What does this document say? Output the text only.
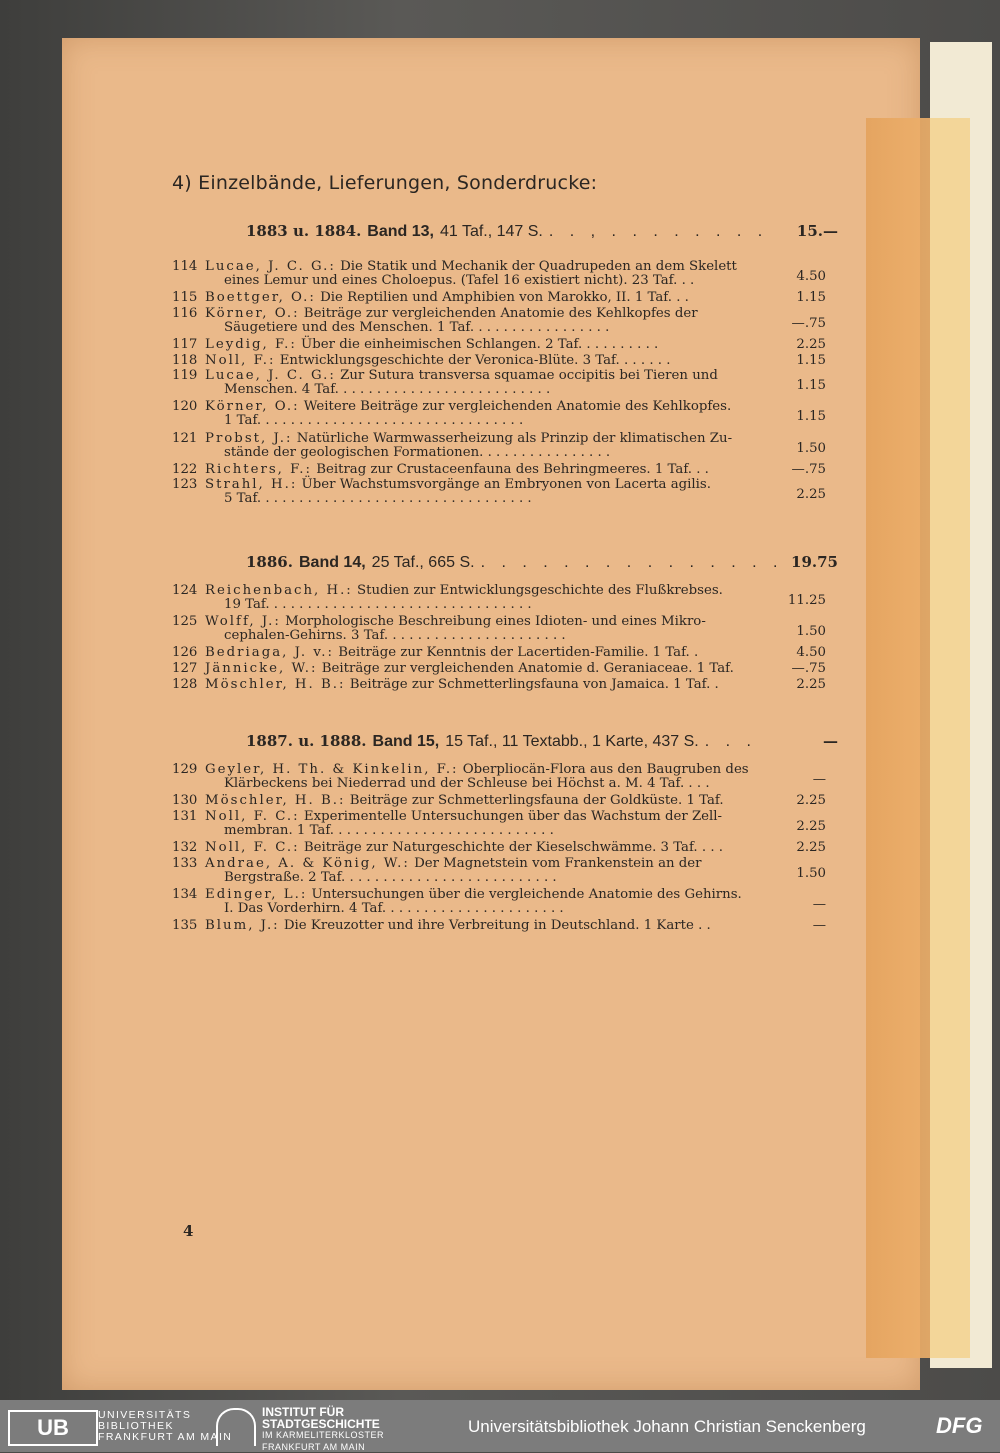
4) Einzelbände, Lieferungen, Sonderdrucke:
1883 u. 1884. Band 13, 41 Taf., 147 S. . . , . . . . . . . .	15.—
114 Lucae, J. C. G.: Die Statik und Mechanik der Quadrupeden an dem Skelett
eines Lemur und eines Choloepus. (Tafel 16 existiert nicht). 23 Taf. . .	4.50
115 Boettger, O.: Die Reptilien und Amphibien von Marokko, II. 1 Taf. . .	1.15
116 Körner, O.: Beiträge zur vergleichenden Anatomie des Kehlkopfes der
Säugetiere und des Menschen. 1 Taf. . . . . . . . . . . . . . . . .	—.75
117 Leydig, F.: Über die einheimischen Schlangen. 2 Taf. . . . . . . . . .	2.25
118 Noll, F.: Entwicklungsgeschichte der Veronica-Blüte. 3 Taf. . . . . . .	1.15
119 Lucae, J. C. G.: Zur Sutura transversa squamae occipitis bei Tieren und
Menschen. 4 Taf. . . . . . . . . . . . . . . . . . . . . . . . . .	1.15
120 Körner, O.: Weitere Beiträge zur vergleichenden Anatomie des Kehlkopfes.
1 Taf. . . . . . . . . . . . . . . . . . . . . . . . . . . . . . . .	1.15
121 Probst, J.: Natürliche Warmwasserheizung als Prinzip der klimatischen Zu-
stände der geologischen Formationen. . . . . . . . . . . . . . . .	1.50
122 Richters, F.: Beitrag zur Crustaceenfauna des Behringmeeres. 1 Taf. . .	—.75
123 Strahl, H.: Über Wachstumsvorgänge an Embryonen von Lacerta agilis.
5 Taf. . . . . . . . . . . . . . . . . . . . . . . . . . . . . . . . .	2.25
1886. Band 14, 25 Taf., 665 S. . . . . . . . . . . . . . . . 19.75
124 Reichenbach, H.: Studien zur Entwicklungsgeschichte des Flußkrebses.
19 Taf. . . . . . . . . . . . . . . . . . . . . . . . . . . . . . . .	11.25
125 Wolff, J.: Morphologische Beschreibung eines Idioten- und eines Mikro-
cephalen-Gehirns. 3 Taf. . . . . . . . . . . . . . . . . . . . . .	1.50
126 Bedriaga, J. v.: Beiträge zur Kenntnis der Lacertiden-Familie. 1 Taf. .	4.50
127 Jännicke, W.: Beiträge zur vergleichenden Anatomie d. Geraniaceae. 1 Taf.	—.75
128 Möschler, H. B.: Beiträge zur Schmetterlingsfauna von Jamaica. 1 Taf. .	2.25
1887. u. 1888. Band 15, 15 Taf., 11 Textabb., 1 Karte, 437 S. . . .	—
129 Geyler, H. Th. & Kinkelin, F.: Oberpliocän-Flora aus den Baugruben des
Klärbeckens bei Niederrad und der Schleuse bei Höchst a. M. 4 Taf. . . .	—
130 Möschler, H. B.: Beiträge zur Schmetterlingsfauna der Goldküste. 1 Taf.	2.25
131 Noll, F. C.: Experimentelle Untersuchungen über das Wachstum der Zell-
membran. 1 Taf. . . . . . . . . . . . . . . . . . . . . . . . . . .	2.25
132 Noll, F. C.: Beiträge zur Naturgeschichte der Kieselschwämme. 3 Taf. . . .	2.25
133 Andrae, A. & König, W.: Der Magnetstein vom Frankenstein an der
Bergstraße. 2 Taf. . . . . . . . . . . . . . . . . . . . . . . . . .	1.50
134 Edinger, L.: Untersuchungen über die vergleichende Anatomie des Gehirns.
I. Das Vorderhirn. 4 Taf. . . . . . . . . . . . . . . . . . . . . .	—
135 Blum, J.: Die Kreuzotter und ihre Verbreitung in Deutschland. 1 Karte . .	—
4
UB	UNIVERSITÄTS
BIBLIOTHEK
FRANKFURT AM MAIN
INSTITUT FÜR
STADTGESCHICHTE
IM KARMELITERKLOSTER
FRANKFURT AM MAIN
Universitätsbibliothek Johann Christian Senckenberg	DFG
